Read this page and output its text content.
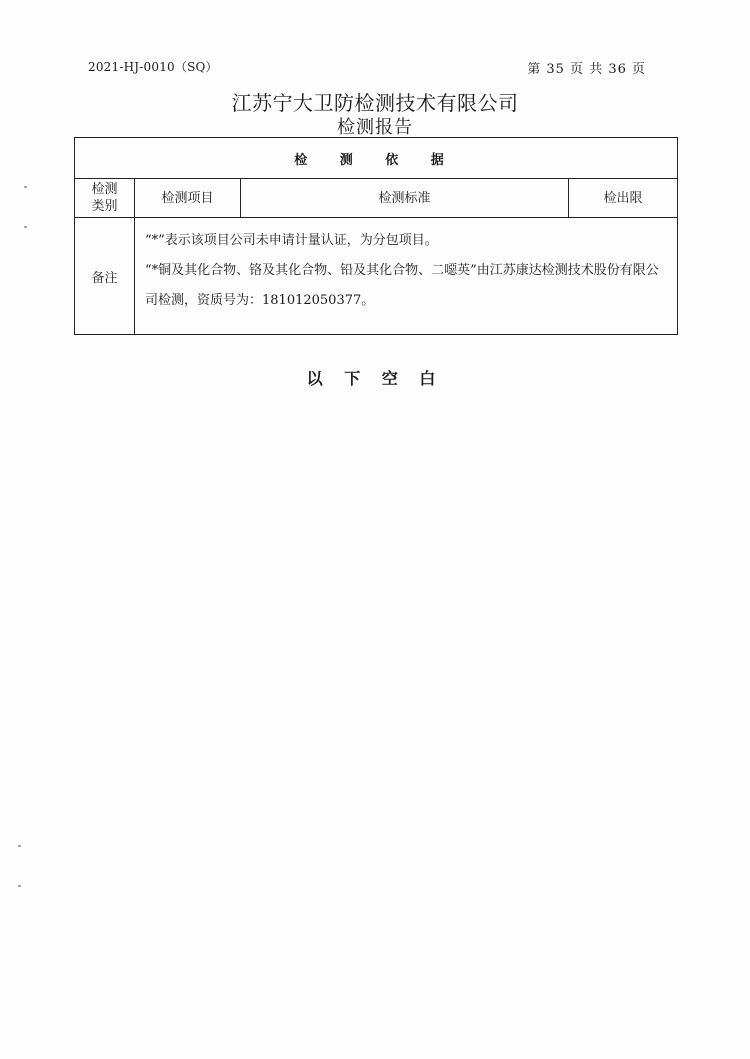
2021-HJ-0010（SQ）	第 35 页 共 36 页
江苏宁大卫防检测技术有限公司
检测报告
检 测 依 据			
检测
类别	检测项目	检测标准	检出限
备注	“*”表示该项目公司未申请计量认证，为分包项目。

“*铜及其化合物、铬及其化合物、铅及其化合物、二噁英”由江苏康达检测技术股份有限公司检测，资质号为：181012050377。		

以 下 空 白
